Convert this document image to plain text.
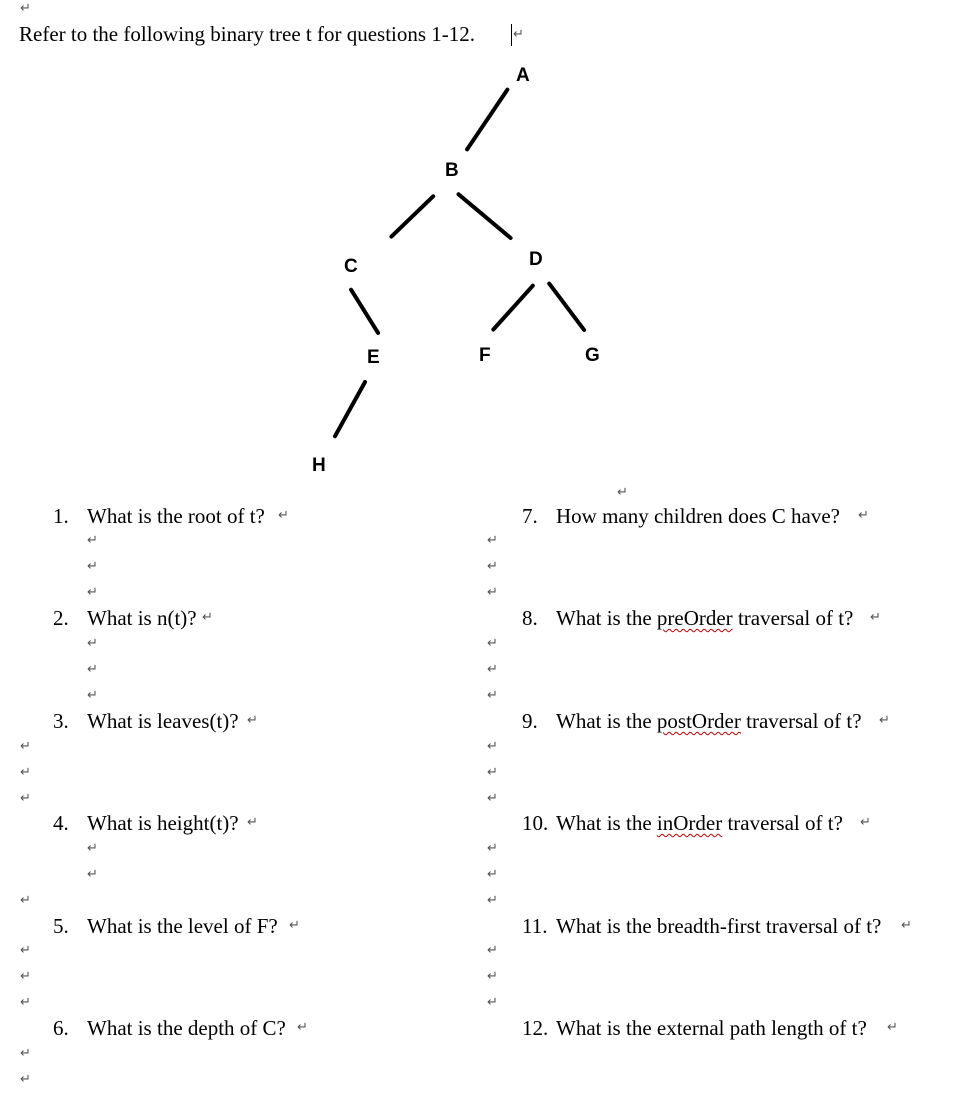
↵
Refer to the following binary tree t for questions 1-12.	↵
A
B
C	D
E	F	G
H
↵
1. What is the root of t? ↵
2. What is n(t)? ↵
3. What is leaves(t)? ↵
4. What is height(t)? ↵
5. What is the level of F? ↵
6. What is the depth of C? ↵
7. How many children does C have? ↵
8. What is the preOrder traversal of t? ↵
9. What is the postOrder traversal of t? ↵
10. What is the inOrder traversal of t? ↵
11. What is the breadth-first traversal of t? ↵
12. What is the external path length of t? ↵
↵
↵
↵
↵
↵
↵
↵
↵
↵
↵
↵
↵
↵
↵
↵
↵
↵
↵
↵
↵
↵
↵
↵
↵
↵
↵
↵
↵
↵
↵
↵
↵
